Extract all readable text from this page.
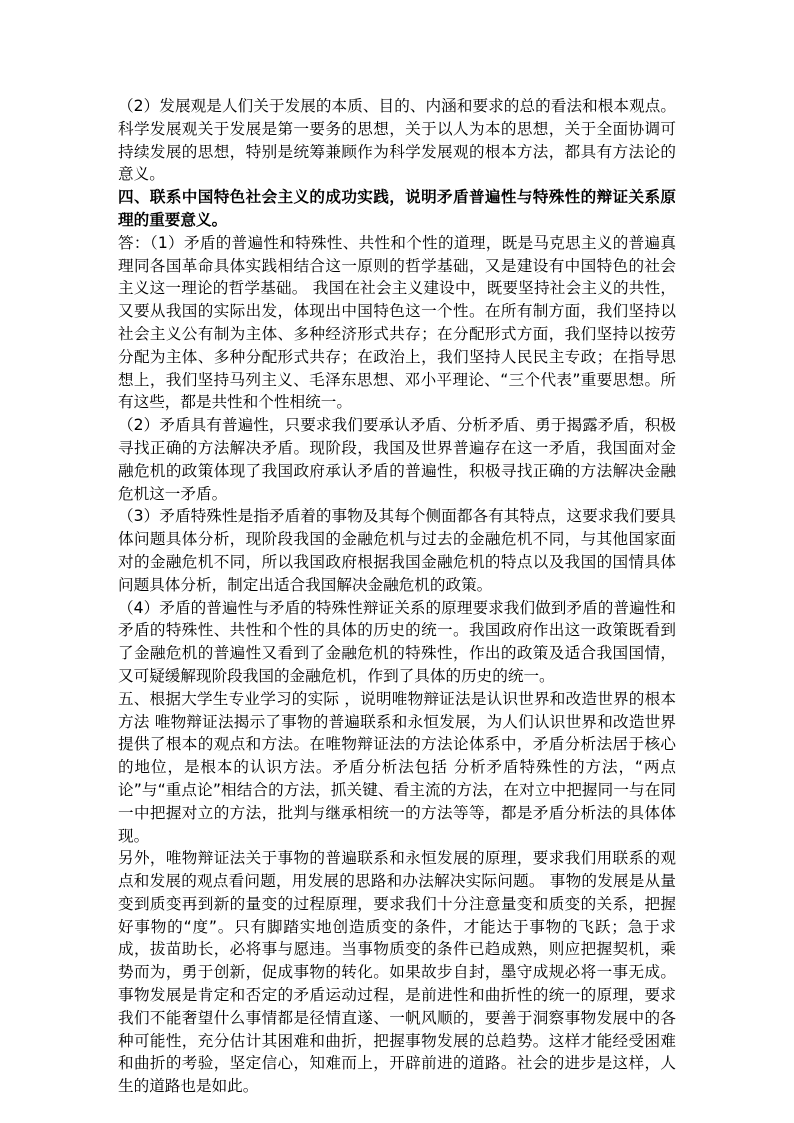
（2）发展观是人们关于发展的本质、目的、内涵和要求的总的看法和根本观点。科学发展观关于发展是第一要务的思想，关于以人为本的思想，关于全面协调可持续发展的思想，特别是统筹兼顾作为科学发展观的根本方法，都具有方法论的意义。

四、联系中国特色社会主义的成功实践，说明矛盾普遍性与特殊性的辩证关系原理的重要意义。

答：（1）矛盾的普遍性和特殊性、共性和个性的道理，既是马克思主义的普遍真理同各国革命具体实践相结合这一原则的哲学基础，又是建设有中国特色的社会主义这一理论的哲学基础。 我国在社会主义建设中，既要坚持社会主义的共性，又要从我国的实际出发，体现出中国特色这一个性。在所有制方面，我们坚持以社会主义公有制为主体、多种经济形式共存；在分配形式方面，我们坚持以按劳分配为主体、多种分配形式共存；在政治上，我们坚持人民民主专政；在指导思想上，我们坚持马列主义、毛泽东思想、邓小平理论、“三个代表”重要思想。所有这些，都是共性和个性相统一。

（2）矛盾具有普遍性，只要求我们要承认矛盾、分析矛盾、勇于揭露矛盾，积极寻找正确的方法解决矛盾。现阶段，我国及世界普遍存在这一矛盾，我国面对金融危机的政策体现了我国政府承认矛盾的普遍性，积极寻找正确的方法解决金融危机这一矛盾。

（3）矛盾特殊性是指矛盾着的事物及其每个侧面都各有其特点，这要求我们要具体问题具体分析，现阶段我国的金融危机与过去的金融危机不同，与其他国家面对的金融危机不同，所以我国政府根据我国金融危机的特点以及我国的国情具体问题具体分析，制定出适合我国解决金融危机的政策。

（4）矛盾的普遍性与矛盾的特殊性辩证关系的原理要求我们做到矛盾的普遍性和矛盾的特殊性、共性和个性的具体的历史的统一。我国政府作出这一政策既看到了金融危机的普遍性又看到了金融危机的特殊性，作出的政策及适合我国国情，又可疑缓解现阶段我国的金融危机，作到了具体的历史的统一。

五、根据大学生专业学习的实际 ，说明唯物辩证法是认识世界和改造世界的根本方法 唯物辩证法揭示了事物的普遍联系和永恒发展，为人们认识世界和改造世界提供了根本的观点和方法。在唯物辩证法的方法论体系中，矛盾分析法居于核心的地位，是根本的认识方法。矛盾分析法包括 分析矛盾特殊性的方法，“两点论”与“重点论”相结合的方法，抓关键、看主流的方法，在对立中把握同一与在同一中把握对立的方法，批判与继承相统一的方法等等，都是矛盾分析法的具体体现。

另外，唯物辩证法关于事物的普遍联系和永恒发展的原理，要求我们用联系的观点和发展的观点看问题，用发展的思路和办法解决实际问题。 事物的发展是从量变到质变再到新的量变的过程原理，要求我们十分注意量变和质变的关系，把握好事物的“度”。只有脚踏实地创造质变的条件，才能达于事物的飞跃；急于求成，拔苗助长，必将事与愿违。当事物质变的条件已趋成熟，则应把握契机，乘势而为，勇于创新，促成事物的转化。如果故步自封，墨守成规必将一事无成。事物发展是肯定和否定的矛盾运动过程，是前进性和曲折性的统一的原理，要求我们不能奢望什么事情都是径情直遂、一帆风顺的，要善于洞察事物发展中的各种可能性，充分估计其困难和曲折，把握事物发展的总趋势。这样才能经受困难和曲折的考验，坚定信心，知难而上，开辟前进的道路。社会的进步是这样，人生的道路也是如此。
